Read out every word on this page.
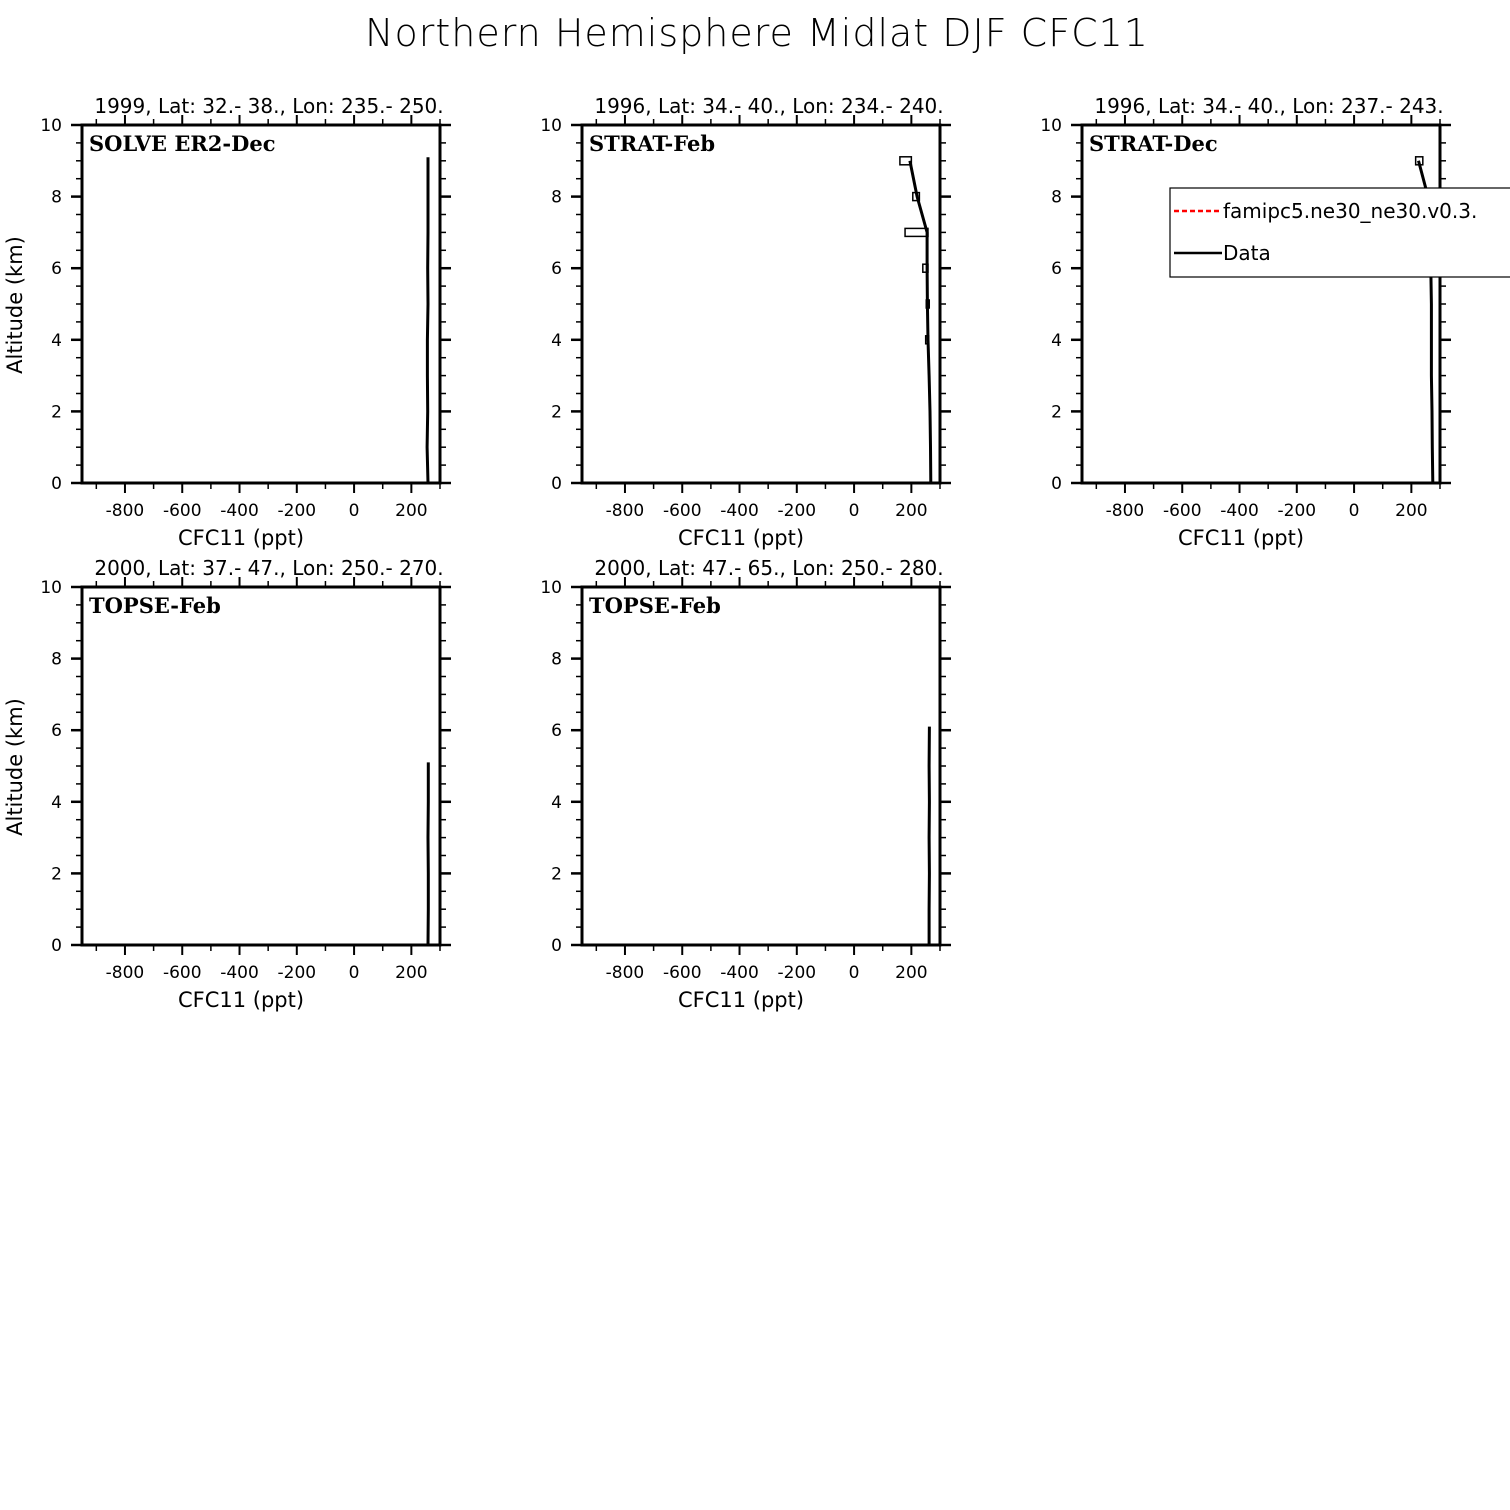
Northern Hemisphere Midlat DJF CFC11
1999, Lat: 32.- 38., Lon: 235.- 250.
0
2
4
6
8
10
-800 -600 -400 -200 0 200
CFC11 (ppt)
Altitude (km)
SOLVE ER2-Dec
1996, Lat: 34.- 40., Lon: 234.- 240.
0
2
4
6
8
10
-800 -600 -400 -200 0 200
CFC11 (ppt)
STRAT-Feb
1996, Lat: 34.- 40., Lon: 237.- 243.
0
2
4
6
8
10
-800 -600 -400 -200 0 200
CFC11 (ppt)
STRAT-Dec
2000, Lat: 37.- 47., Lon: 250.- 270.
0
2
4
6
8
10
-800 -600 -400 -200 0 200
CFC11 (ppt)
Altitude (km)
TOPSE-Feb
2000, Lat: 47.- 65., Lon: 250.- 280.
0
2
4
6
8
10
-800 -600 -400 -200 0 200
CFC11 (ppt)
TOPSE-Feb
famipc5.ne30_ne30.v0.3.
Data
